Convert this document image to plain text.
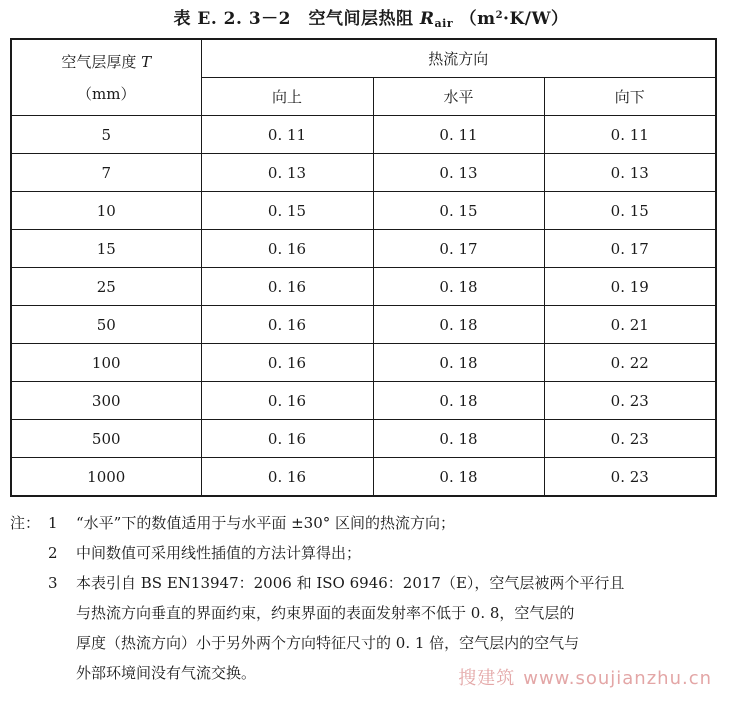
表 E. 2. 3－2　空气间层热阻 $R_{air}$ $(m^2\cdot K/W)$
空气层厚度 T
（mm）	热流方向		
	向上	水平	向下
5	0. 11	0. 11	0. 11
7	0. 13	0. 13	0. 13
10	0. 15	0. 15	0. 15
15	0. 16	0. 17	0. 17
25	0. 16	0. 18	0. 19
50	0. 16	0. 18	0. 21
100	0. 16	0. 18	0. 22
300	0. 16	0. 18	0. 23
500	0. 16	0. 18	0. 23
1000	0. 16	0. 18	0. 23
注： 1	“水平”下的数值适用于与水平面 ±30° 区间的热流方向；
2	中间数值可采用线性插值的方法计算得出；
3	本表引自 BS EN13947：2006 和 ISO 6946：2017（E），空气层被两个平行且
与热流方向垂直的界面约束，约束界面的表面发射率不低于 0. 8，空气层的
厚度（热流方向）小于另外两个方向特征尺寸的 0. 1 倍，空气层内的空气与
外部环境间没有气流交换。	搜建筑 www.soujianzhu.cn
